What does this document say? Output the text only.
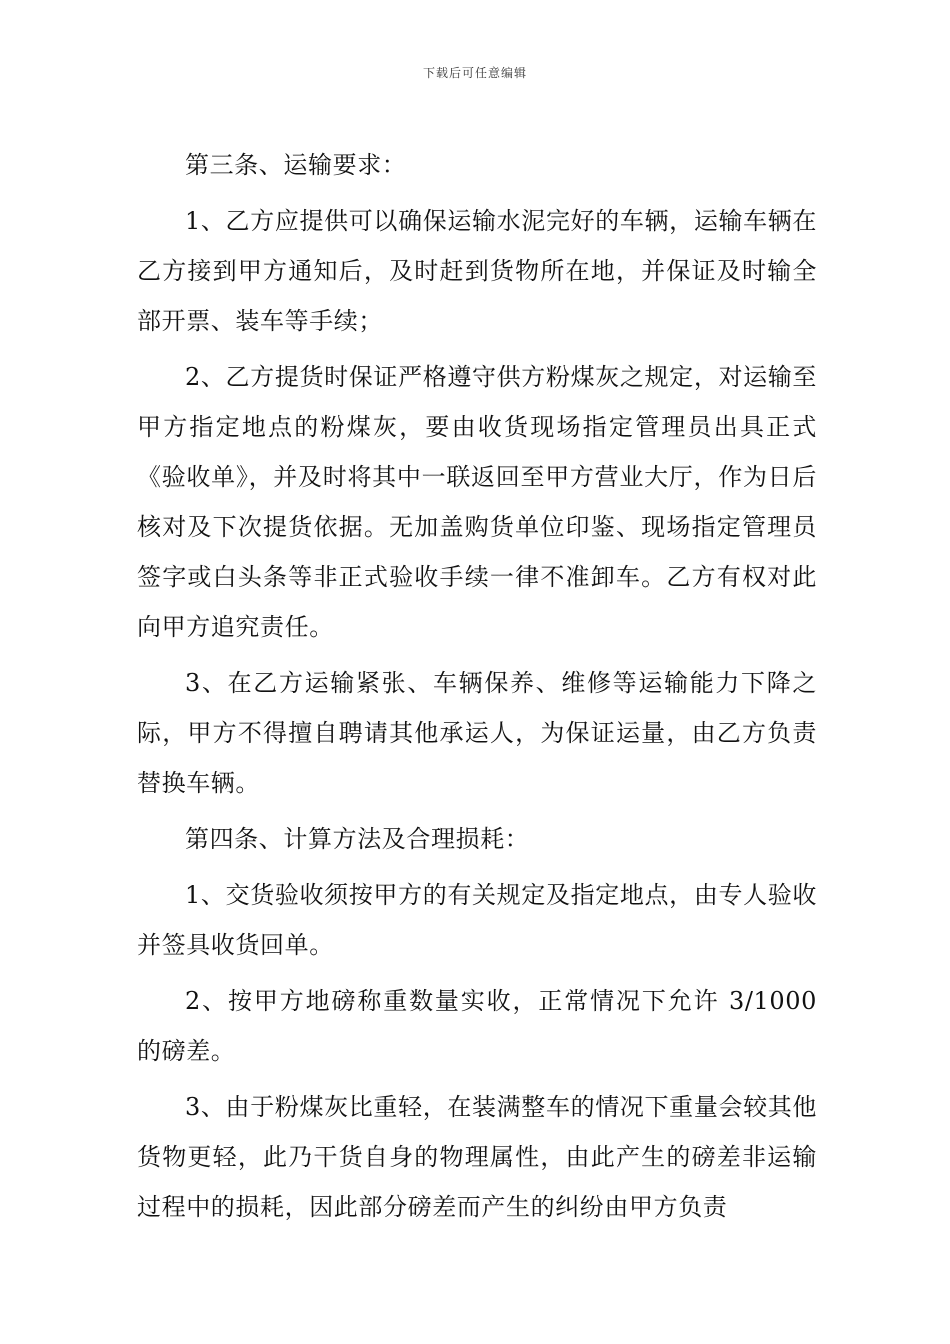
下载后可任意编辑

第三条、运输要求：

1、乙方应提供可以确保运输水泥完好的车辆，运输车辆在乙方接到甲方通知后，及时赶到货物所在地，并保证及时输全部开票、装车等手续；

2、乙方提货时保证严格遵守供方粉煤灰之规定，对运输至甲方指定地点的粉煤灰，要由收货现场指定管理员出具正式《验收单》，并及时将其中一联返回至甲方营业大厅，作为日后核对及下次提货依据。无加盖购货单位印鉴、现场指定管理员签字或白头条等非正式验收手续一律不准卸车。乙方有权对此向甲方追究责任。

3、在乙方运输紧张、车辆保养、维修等运输能力下降之际，甲方不得擅自聘请其他承运人，为保证运量，由乙方负责替换车辆。

第四条、计算方法及合理损耗：

1、交货验收须按甲方的有关规定及指定地点，由专人验收并签具收货回单。

2、按甲方地磅称重数量实收，正常情况下允许 3/1000 的磅差。

3、由于粉煤灰比重轻，在装满整车的情况下重量会较其他货物更轻，此乃干货自身的物理属性，由此产生的磅差非运输过程中的损耗，因此部分磅差而产生的纠纷由甲方负责
